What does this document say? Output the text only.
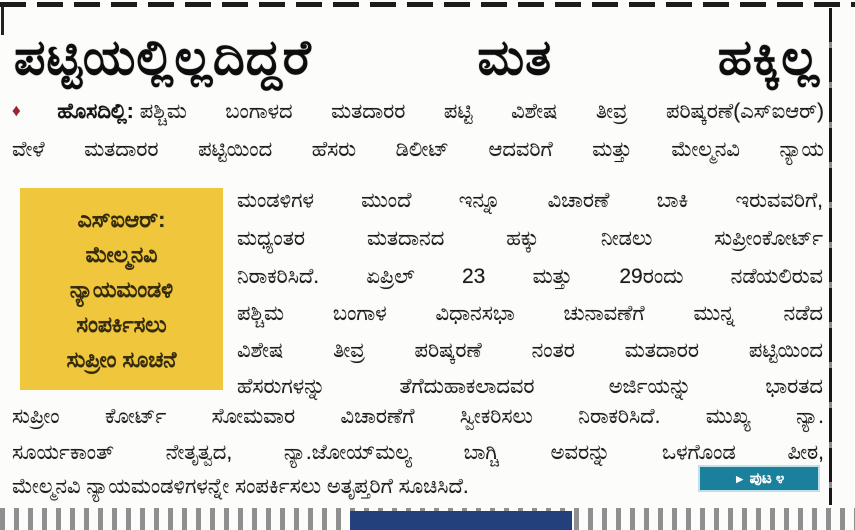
ಪಟ್ಟಿಯಲ್ಲಿಲ್ಲದಿದ್ದರೆ ಮತ ಹಕ್ಕಿಲ್ಲ
♦ ಹೊಸದಿಲ್ಲಿ: ಪಶ್ಚಿಮ ಬಂಗಾಳದ ಮತದಾರರ ಪಟ್ಟಿ ವಿಶೇಷ ತೀವ್ರ ಪರಿಷ್ಕರಣೆ(ಎಸ್‌ಐಆರ್)
ವೇಳೆ ಮತದಾರರ ಪಟ್ಟಿಯಿಂದ ಹೆಸರು ಡಿಲೀಟ್ ಆದವರಿಗೆ ಮತ್ತು ಮೇಲ್ಮನವಿ ನ್ಯಾಯ
ಎಸ್‌ಐಆರ್:
ಮೇಲ್ಮನವಿ
ನ್ಯಾಯಮಂಡಳಿ
ಸಂಪರ್ಕಿಸಲು
ಸುಪ್ರೀಂ ಸೂಚನೆ
ಮಂಡಳಿಗಳ ಮುಂದೆ ಇನ್ನೂ ವಿಚಾರಣೆ ಬಾಕಿ ಇರುವವರಿಗೆ,
ಮಧ್ಯಂತರ ಮತದಾನದ ಹಕ್ಕು ನೀಡಲು ಸುಪ್ರೀಂಕೋರ್ಟ್
ನಿರಾಕರಿಸಿದೆ. ಏಪ್ರಿಲ್ 23 ಮತ್ತು 29ರಂದು ನಡೆಯಲಿರುವ
ಪಶ್ಚಿಮ ಬಂಗಾಳ ವಿಧಾನಸಭಾ ಚುನಾವಣೆಗೆ ಮುನ್ನ ನಡೆದ
ವಿಶೇಷ ತೀವ್ರ ಪರಿಷ್ಕರಣೆ ನಂತರ ಮತದಾರರ ಪಟ್ಟಿಯಿಂದ
ಹೆಸರುಗಳನ್ನು ತೆಗೆದುಹಾಕಲಾದವರ ಅರ್ಜಿಯನ್ನು ಭಾರತದ
ಸುಪ್ರೀಂ ಕೋರ್ಟ್ ಸೋಮವಾರ ವಿಚಾರಣೆಗೆ ಸ್ವೀಕರಿಸಲು ನಿರಾಕರಿಸಿದೆ. ಮುಖ್ಯ ನ್ಯಾ.
ಸೂರ್ಯಕಾಂತ್ ನೇತೃತ್ವದ, ನ್ಯಾ.ಜೋಯ್‌ಮಲ್ಯ ಬಾಗ್ಚಿ ಅವರನ್ನು ಒಳಗೊಂಡ ಪೀಠ,
ಮೇಲ್ಮನವಿ ನ್ಯಾಯಮಂಡಳಿಗಳನ್ನೇ ಸಂಪರ್ಕಿಸಲು ಅತೃಪ್ತರಿಗೆ ಸೂಚಿಸಿದೆ.	► ಪುಟ ೪
